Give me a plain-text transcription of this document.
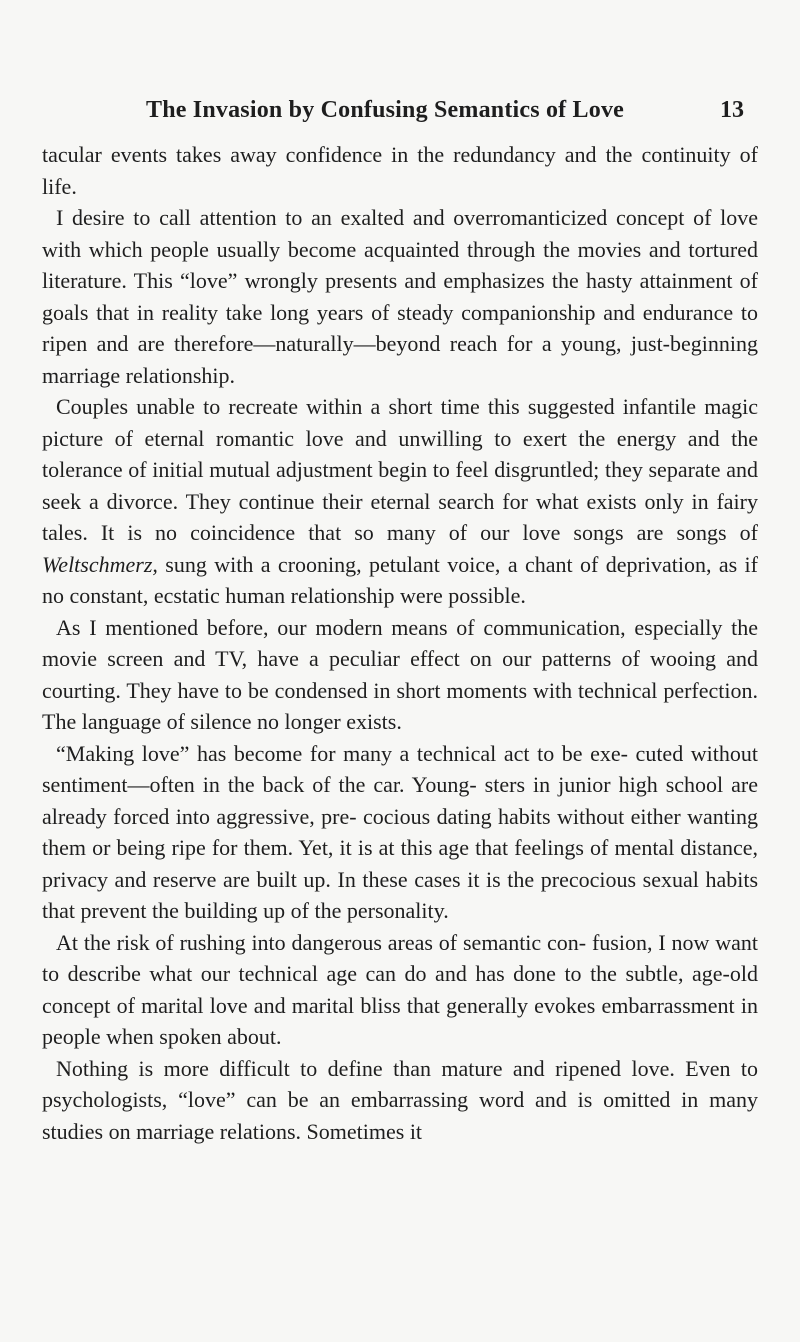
The Invasion by Confusing Semantics of Love	13

tacular events takes away confidence in the redundancy and the continuity of life.

I desire to call attention to an exalted and overromanticized concept of love with which people usually become acquainted through the movies and tortured literature. This “love” wrongly presents and emphasizes the hasty attainment of goals that in reality take long years of steady companionship and endurance to ripen and are therefore—naturally—beyond reach for a young, just-beginning marriage relationship.

Couples unable to recreate within a short time this suggested infantile magic picture of eternal romantic love and unwilling to exert the energy and the tolerance of initial mutual adjustment begin to feel disgruntled; they separate and seek a divorce. They continue their eternal search for what exists only in fairy tales. It is no coincidence that so many of our love songs are songs of Weltschmerz, sung with a crooning, petulant voice, a chant of deprivation, as if no constant, ecstatic human relationship were possible.

As I mentioned before, our modern means of communication, especially the movie screen and TV, have a peculiar effect on our patterns of wooing and courting. They have to be condensed in short moments with technical perfection. The language of silence no longer exists.

“Making love” has become for many a technical act to be exe- cuted without sentiment—often in the back of the car. Young- sters in junior high school are already forced into aggressive, pre- cocious dating habits without either wanting them or being ripe for them. Yet, it is at this age that feelings of mental distance, privacy and reserve are built up. In these cases it is the precocious sexual habits that prevent the building up of the personality.

At the risk of rushing into dangerous areas of semantic con- fusion, I now want to describe what our technical age can do and has done to the subtle, age-old concept of marital love and marital bliss that generally evokes embarrassment in people when spoken about.

Nothing is more difficult to define than mature and ripened love. Even to psychologists, “love” can be an embarrassing word and is omitted in many studies on marriage relations. Sometimes it
